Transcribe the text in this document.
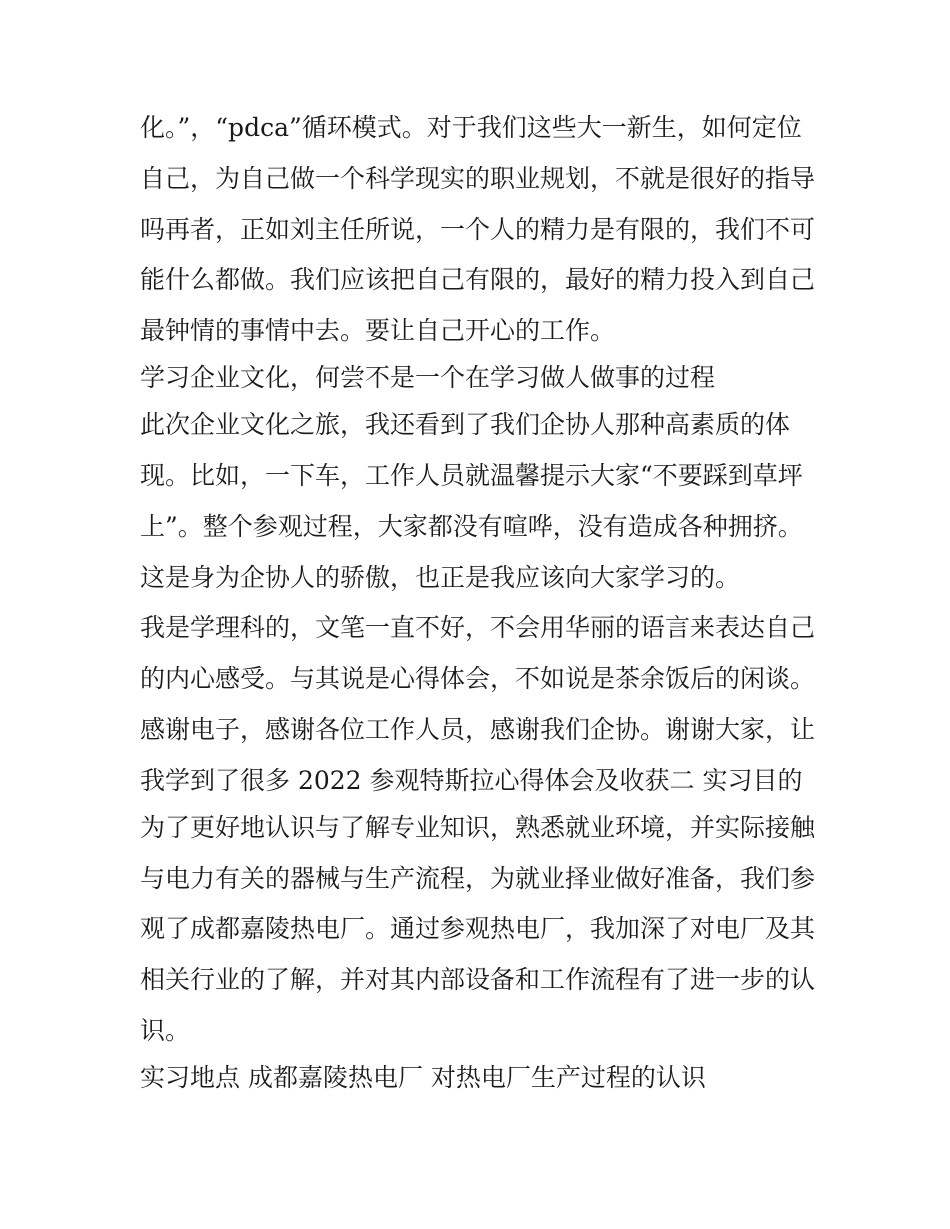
化。”，“pdca”循环模式。对于我们这些大一新生，如何定位
自己，为自己做一个科学现实的职业规划，不就是很好的指导
吗再者，正如刘主任所说，一个人的精力是有限的，我们不可
能什么都做。我们应该把自己有限的，最好的精力投入到自己
最钟情的事情中去。要让自己开心的工作。
学习企业文化，何尝不是一个在学习做人做事的过程
此次企业文化之旅，我还看到了我们企协人那种高素质的体
现。比如，一下车，工作人员就温馨提示大家“不要踩到草坪
上”。整个参观过程，大家都没有喧哗，没有造成各种拥挤。
这是身为企协人的骄傲，也正是我应该向大家学习的。
我是学理科的，文笔一直不好，不会用华丽的语言来表达自己
的内心感受。与其说是心得体会，不如说是茶余饭后的闲谈。
感谢电子，感谢各位工作人员，感谢我们企协。谢谢大家，让
我学到了很多 2022 参观特斯拉心得体会及收获二 实习目的
为了更好地认识与了解专业知识，熟悉就业环境，并实际接触
与电力有关的器械与生产流程，为就业择业做好准备，我们参
观了成都嘉陵热电厂。通过参观热电厂，我加深了对电厂及其
相关行业的了解，并对其内部设备和工作流程有了进一步的认
识。
实习地点 成都嘉陵热电厂 对热电厂生产过程的认识
